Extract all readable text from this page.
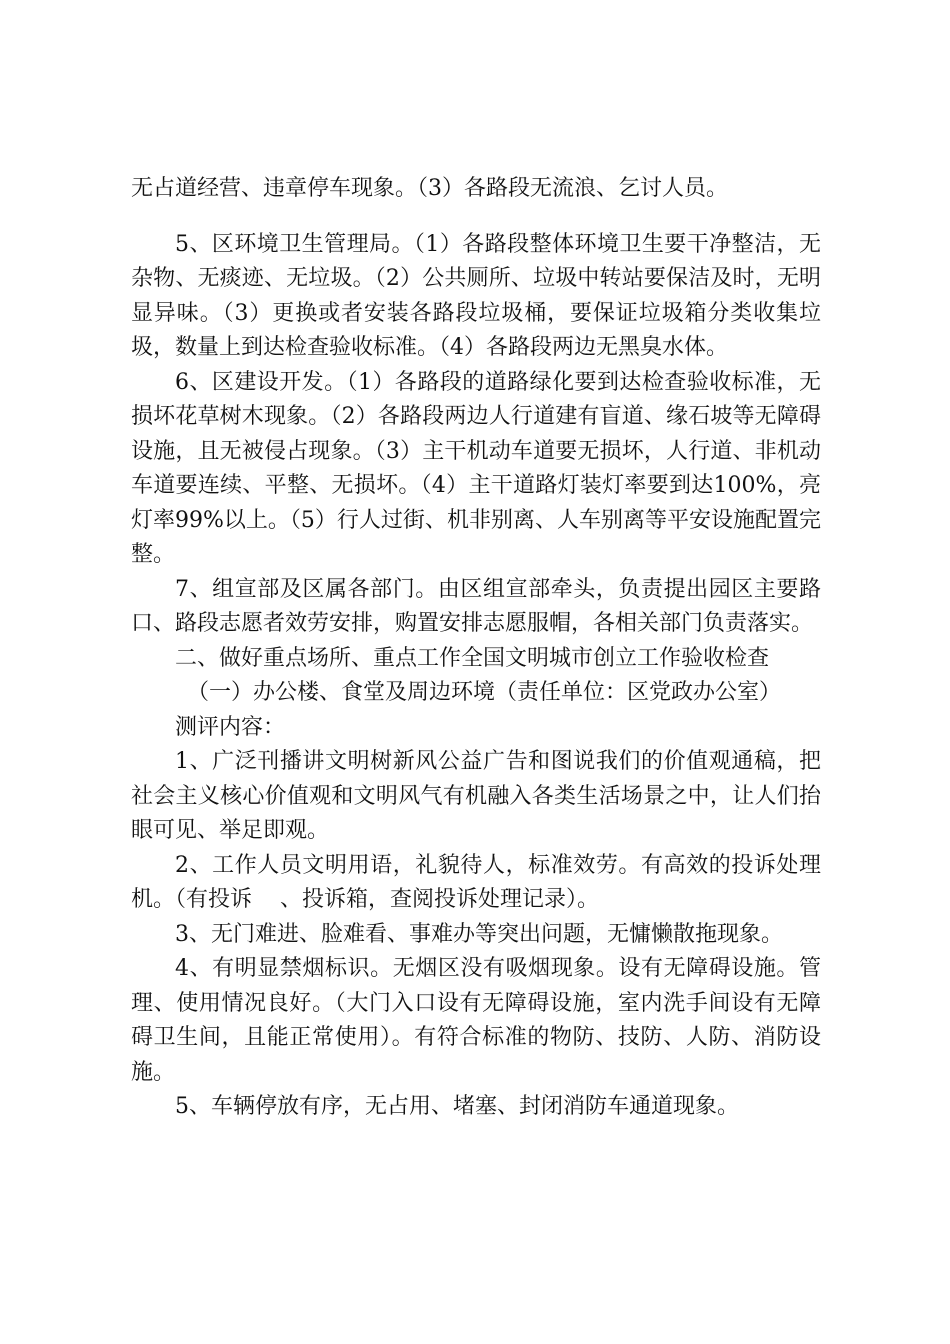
无占道经营、违章停车现象。（3）各路段无流浪、乞讨人员。

5、区环境卫生管理局。（1）各路段整体环境卫生要干净整洁，无杂物、无痰迹、无垃圾。（2）公共厕所、垃圾中转站要保洁及时，无明显异味。（3）更换或者安装各路段垃圾桶，要保证垃圾箱分类收集垃圾，数量上到达检查验收标准。（4）各路段两边无黑臭水体。

6、区建设开发。（1）各路段的道路绿化要到达检查验收标准，无损坏花草树木现象。（2）各路段两边人行道建有盲道、缘石坡等无障碍设施，且无被侵占现象。（3）主干机动车道要无损坏，人行道、非机动车道要连续、平整、无损坏。（4）主干道路灯装灯率要到达100%，亮灯率99%以上。（5）行人过街、机非别离、人车别离等平安设施配置完整。

7、组宣部及区属各部门。由区组宣部牵头，负责提出园区主要路口、路段志愿者效劳安排，购置安排志愿服帽，各相关部门负责落实。

二、做好重点场所、重点工作全国文明城市创立工作验收检查

（一）办公楼、食堂及周边环境（责任单位：区党政办公室）

测评内容：

1、广泛刊播讲文明树新风公益广告和图说我们的价值观通稿，把社会主义核心价值观和文明风气有机融入各类生活场景之中，让人们抬眼可见、举足即观。

2、工作人员文明用语，礼貌待人，标准效劳。有高效的投诉处理机。（有投诉    、投诉箱，查阅投诉处理记录）。

3、无门难进、脸难看、事难办等突出问题，无慵懒散拖现象。

4、有明显禁烟标识。无烟区没有吸烟现象。设有无障碍设施。管理、使用情况良好。（大门入口设有无障碍设施，室内洗手间设有无障碍卫生间，且能正常使用）。有符合标准的物防、技防、人防、消防设施。

5、车辆停放有序，无占用、堵塞、封闭消防车通道现象。
